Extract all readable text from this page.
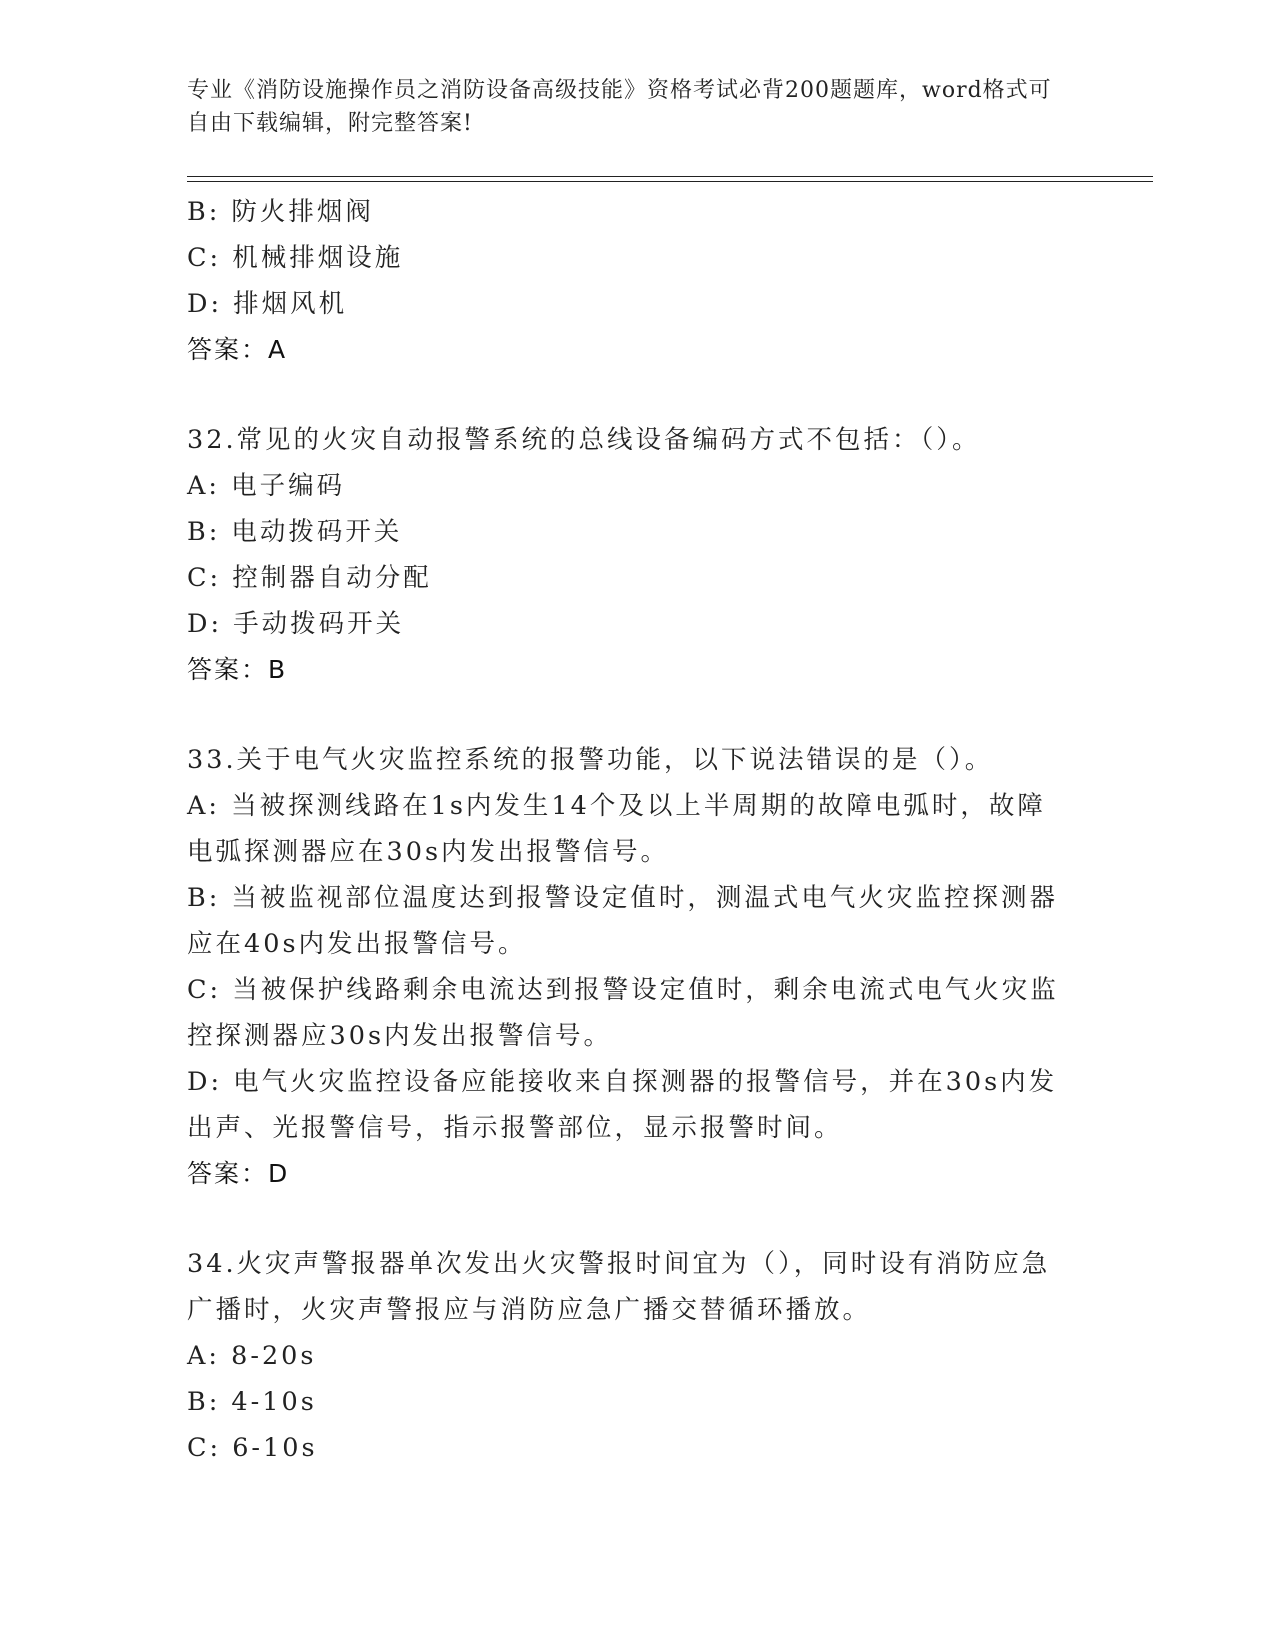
专业《消防设施操作员之消防设备高级技能》资格考试必背200题题库，word格式可自由下载编辑，附完整答案!
B: 防火排烟阀
C: 机械排烟设施
D: 排烟风机
答案：A
32.常见的火灾自动报警系统的总线设备编码方式不包括：（）。
A: 电子编码
B: 电动拨码开关
C: 控制器自动分配
D: 手动拨码开关
答案：B
33.关于电气火灾监控系统的报警功能，以下说法错误的是（）。
A: 当被探测线路在1s内发生14个及以上半周期的故障电弧时，故障电弧探测器应在30s内发出报警信号。
B: 当被监视部位温度达到报警设定值时，测温式电气火灾监控探测器应在40s内发出报警信号。
C: 当被保护线路剩余电流达到报警设定值时，剩余电流式电气火灾监控探测器应30s内发出报警信号。
D: 电气火灾监控设备应能接收来自探测器的报警信号，并在30s内发出声、光报警信号，指示报警部位，显示报警时间。
答案：D
34.火灾声警报器单次发出火灾警报时间宜为（），同时设有消防应急广播时，火灾声警报应与消防应急广播交替循环播放。
A: 8-20s
B: 4-10s
C: 6-10s
